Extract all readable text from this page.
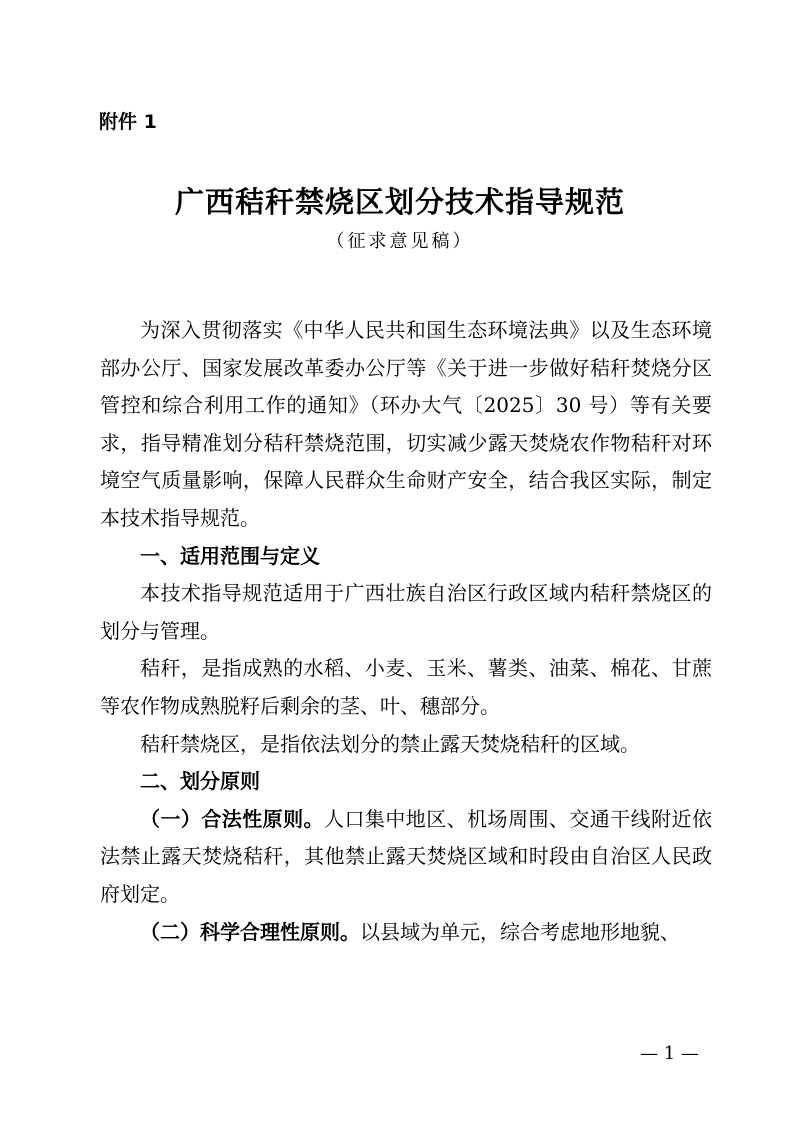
附件 1
广西秸秆禁烧区划分技术指导规范
（征求意见稿）

为深入贯彻落实《中华人民共和国生态环境法典》以及生态环境部办公厅、国家发展改革委办公厅等《关于进一步做好秸秆焚烧分区管控和综合利用工作的通知》（环办大气〔2025〕30 号）等有关要求，指导精准划分秸秆禁烧范围，切实减少露天焚烧农作物秸秆对环境空气质量影响，保障人民群众生命财产安全，结合我区实际，制定本技术指导规范。

一、适用范围与定义

本技术指导规范适用于广西壮族自治区行政区域内秸秆禁烧区的划分与管理。

秸秆，是指成熟的水稻、小麦、玉米、薯类、油菜、棉花、甘蔗等农作物成熟脱籽后剩余的茎、叶、穗部分。

秸秆禁烧区，是指依法划分的禁止露天焚烧秸秆的区域。

二、划分原则

（一）合法性原则。人口集中地区、机场周围、交通干线附近依法禁止露天焚烧秸秆，其他禁止露天焚烧区域和时段由自治区人民政府划定。

（二）科学合理性原则。以县域为单元，综合考虑地形地貌、

— 1 —
